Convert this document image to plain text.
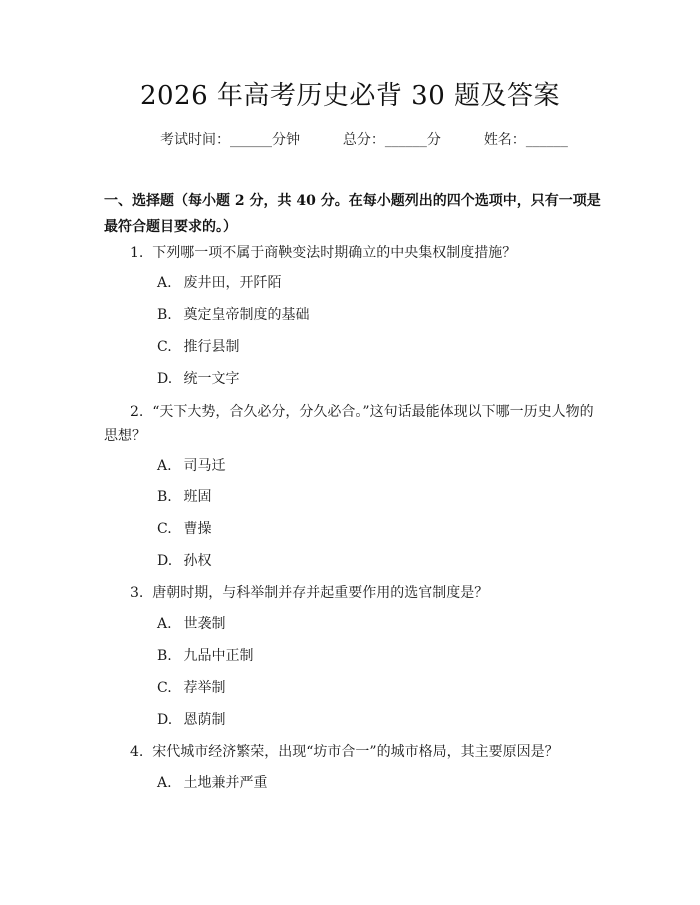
2026 年高考历史必背 30 题及答案
考试时间：______分钟	总分：______分	姓名：______
一、选择题（每小题 2 分，共 40 分。在每小题列出的四个选项中，只有一项是最符合题目要求的。）
1. 下列哪一项不属于商鞅变法时期确立的中央集权制度措施？
A. 废井田，开阡陌
B. 奠定皇帝制度的基础
C. 推行县制
D. 统一文字
2. “天下大势，合久必分，分久必合。”这句话最能体现以下哪一历史人物的思想？
A. 司马迁
B. 班固
C. 曹操
D. 孙权
3. 唐朝时期，与科举制并存并起重要作用的选官制度是？
A. 世袭制
B. 九品中正制
C. 荐举制
D. 恩荫制
4. 宋代城市经济繁荣，出现“坊市合一”的城市格局，其主要原因是？
A. 土地兼并严重
